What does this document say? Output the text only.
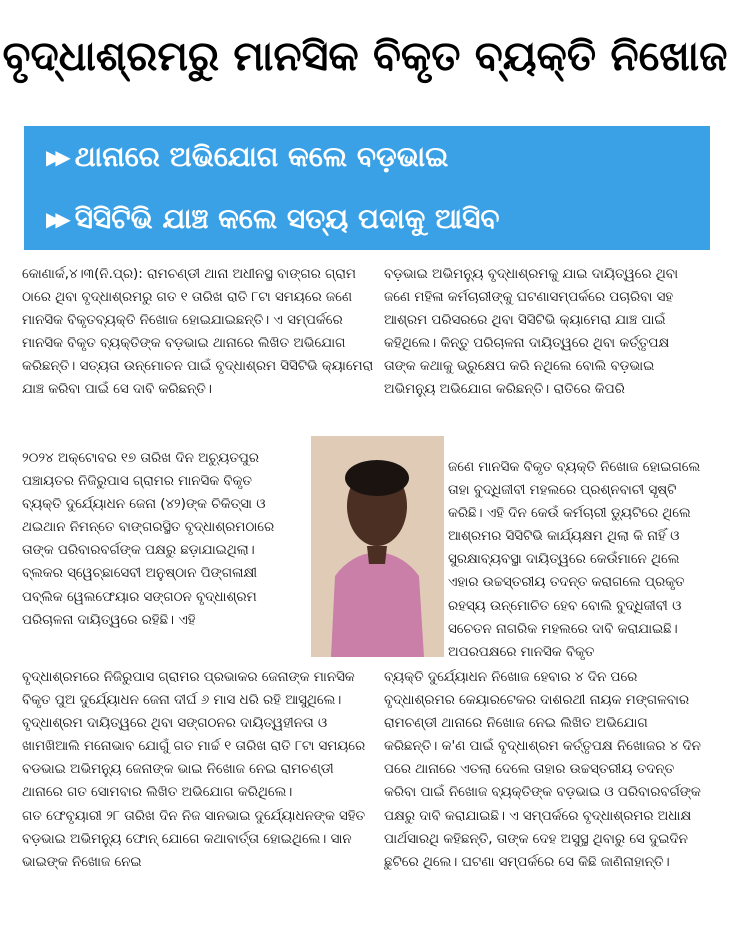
ବୃଦ୍ଧାଶ୍ରମରୁ ମାନସିକ ବିକୃତ ବ୍ୟକ୍ତି ନିଖୋଜ
▶▶ ଥାନାରେ ଅଭିଯୋଗ କଲେ ବଡ଼ଭାଇ
▶▶ ସିସିଟିଭି ଯାଞ୍ଚ କଲେ ସତ୍ୟ ପଦାକୁ ଆସିବ

କୋଣାର୍କ,୪।୩(ନି.ପ୍ର): ରାମଚଣ୍ଡୀ ଥାନା ଅଧୀନସ୍ଥ ବାଙ୍ଗର ଗ୍ରାମ ଠାରେ ଥିବା ବୃଦ୍ଧାଶ୍ରମରୁ ଗତ ୧ ତାରିଖ ରାତି ୮ଟା ସମୟରେ ଜଣେ ମାନସିକ ବିକୃତବ୍ୟକ୍ତି ନିଖୋଜ ହୋଇଯାଇଛନ୍ତି। ଏ ସମ୍ପର୍କରେ ମାନସିକ ବିକୃତ ବ୍ୟକ୍ତିଙ୍କ ବଡ଼ଭାଇ ଥାନାରେ ଲିଖିତ ଅଭିଯୋଗ କରିଛନ୍ତି। ସତ୍ୟତା ଉନ୍ମୋଚନ ପାଇଁ ବୃଦ୍ଧାଶ୍ରମ ସିସିଟିଭି କ୍ୟାମେରା ଯାଞ୍ଚ କରିବା ପାଇଁ ସେ ଦାବି କରିଛନ୍ତି।

୨୦୨୪ ଅକ୍ଟୋବର ୧୭ ତାରିଖ ଦିନ ଅଚ୍ୟୁତପୁର ପଞ୍ଚାୟତର ନିଜିରୁପାସ ଗ୍ରାମର ମାନସିକ ବିକୃତ ବ୍ୟକ୍ତି ଦୁର୍ଯ୍ୟୋଧନ ଜେନା (୪୨)ଙ୍କ ଚିକିତ୍ସା ଓ ଥଇଥାନ ନିମନ୍ତେ ବାଙ୍ଗରସ୍ଥିତ ବୃଦ୍ଧାଶ୍ରମଠାରେ ତାଙ୍କ ପରିବାରବର୍ଗଙ୍କ ପକ୍ଷରୁ ଛଡ଼ାଯାଇଥିଲା। ବ୍ଲକର ସ୍ୱେଚ୍ଛାସେବୀ ଅନୁଷ୍ଠାନ ପିଙ୍ଗଳାକ୍ଷୀ ପବ୍ଲିକ ୱେଲଫେୟାର ସଙ୍ଗଠନ ବୃଦ୍ଧାଶ୍ରମ ପରିଚାଳନା ଦାୟିତ୍ୱରେ ରହିଛି। ଏହି

ବୃଦ୍ଧାଶ୍ରମରେ ନିଜିରୁପାସ ଗ୍ରାମର ପ୍ରଭାକର ଜେନାଙ୍କ ମାନସିକ ବିକୃତ ପୁଅ ଦୁର୍ଯ୍ୟୋଧନ ଜେନା ଦୀର୍ଘ ୬ ମାସ ଧରି ରହି ଆସୁଥିଲେ। ବୃଦ୍ଧାଶ୍ରମ ଦାୟିତ୍ୱରେ ଥିବା ସଙ୍ଗଠନର ଦାୟିତ୍ୱହୀନତା ଓ ଖାମଖିଆଲି ମନୋଭାବ ଯୋଗୁଁ ଗତ ମାର୍ଚ୍ଚ ୧ ତାରିଖ ରାତି ୮ଟା ସମୟରେ ବଡଭାଇ ଅଭିମନ୍ୟୁ ଜେନାଙ୍କ ଭାଇ ନିଖୋଜ ନେଇ ରାମଚଣ୍ଡୀ ଥାନାରେ ଗତ ସୋମବାର ଲିଖିତ ଅଭିଯୋଗ କରିଥିଲେ।

ଗତ ଫେବୃୟାରୀ ୨୮ ତାରିଖ ଦିନ ନିଜ ସାନଭାଇ ଦୁର୍ଯ୍ୟୋଧନଙ୍କ ସହିତ ବଡ଼ଭାଇ ଅଭିମନ୍ୟୁ ଫୋନ୍ ଯୋଗେ କଥାବାର୍ତ୍ତା ହୋଇଥିଲେ। ସାନ ଭାଇଙ୍କ ନିଖୋଜ ନେଇ

ବଡ଼ଭାଇ ଅଭିମନ୍ୟୁ ବୃଦ୍ଧାଶ୍ରମକୁ ଯାଇ ଦାୟିତ୍ୱରେ ଥିବା ଜଣେ ମହିଳା କର୍ମଚାରୀଙ୍କୁ ଘଟଣାସମ୍ପର୍କରେ ପଚାରିବା ସହ ଆଶ୍ରମ ପରିସରରେ ଥିବା ସିସିଟିଭି କ୍ୟାମେରା ଯାଞ୍ଚ ପାଇଁ କହିଥିଲେ। କିନ୍ତୁ ପରିଚାଳନା ଦାୟିତ୍ୱରେ ଥିବା କର୍ତ୍ତୃପକ୍ଷ ତାଙ୍କ କଥାକୁ ଭ୍ରୁକ୍ଷେପ କରି ନଥିଲେ ବୋଲି ବଡ଼ଭାଇ ଅଭିମନ୍ୟୁ ଅଭିଯୋଗ କରିଛନ୍ତି। ରାତିରେ କିପରି

ଜଣେ ମାନସିକ ବିକୃତ ବ୍ୟକ୍ତି ନିଖୋଜ ହୋଇଗଲେ ତାହା ବୁଦ୍ଧିଜୀବୀ ମହଲରେ ପ୍ରଶ୍ନବାଚୀ ସୃଷ୍ଟି କରିଛି। ଏହି ଦିନ କେଉଁ କର୍ମଚାରୀ ଡ୍ୟୁଟିରେ ଥିଲେ ଆଶ୍ରମର ସିସିଟିଭି କାର୍ଯ୍ୟକ୍ଷମ ଥିଲା କି ନାହିଁ ଓ ସୁରକ୍ଷାବ୍ୟବସ୍ଥା ଦାୟିତ୍ୱରେ କେଉଁମାନେ ଥିଲେ ଏହାର ଉଚ୍ଚସ୍ତରୀୟ ତଦନ୍ତ କରାଗଲେ ପ୍ରକୃତ ରହସ୍ୟ ଉନ୍ମୋଚିତ ହେବ ବୋଲି ବୁଦ୍ଧିଜୀବୀ ଓ ସଚେତନ ନାଗରିକ ମହଲରେ ଦାବି କରାଯାଇଛି। ଅପରପକ୍ଷରେ ମାନସିକ ବିକୃତ

ବ୍ୟକ୍ତି ଦୁର୍ଯ୍ୟୋଧନ ନିଖୋଜ ହେବାର ୪ ଦିନ ପରେ ବୃଦ୍ଧାଶ୍ରମର କେୟାରଟେକର ଦାଶରଥୀ ନାୟକ ମଙ୍ଗଳବାର ରାମଚଣ୍ଡୀ ଥାନାରେ ନିଖୋଜ ନେଇ ଲିଖିତ ଅଭିଯୋଗ କରିଛନ୍ତି। କ'ଣ ପାଇଁ ବୃଦ୍ଧାଶ୍ରମ କର୍ତ୍ତୃପକ୍ଷ ନିଖୋଜର ୪ ଦିନ ପରେ ଥାନାରେ ଏତଲା ଦେଲେ ତାହାର ଉଚ୍ଚସ୍ତରୀୟ ତଦନ୍ତ କରିବା ପାଇଁ ନିଖୋଜ ବ୍ୟକ୍ତିଙ୍କ ବଡ଼ଭାଇ ଓ ପରିବାରବର୍ଗଙ୍କ ପକ୍ଷରୁ ଦାବି କରାଯାଇଛି। ଏ ସମ୍ପର୍କରେ ବୃଦ୍ଧାଶ୍ରମର ଅଧାକ୍ଷ ପାର୍ଥସାରଥି କହିଛନ୍ତି, ତାଙ୍କ ଦେହ ଅସୁସ୍ଥ ଥିବାରୁ ସେ ଦୁଇଦିନ ଛୁଟିରେ ଥିଲେ। ଘଟଣା ସମ୍ପର୍କରେ ସେ କିଛି ଜାଣିନାହାନ୍ତି।
